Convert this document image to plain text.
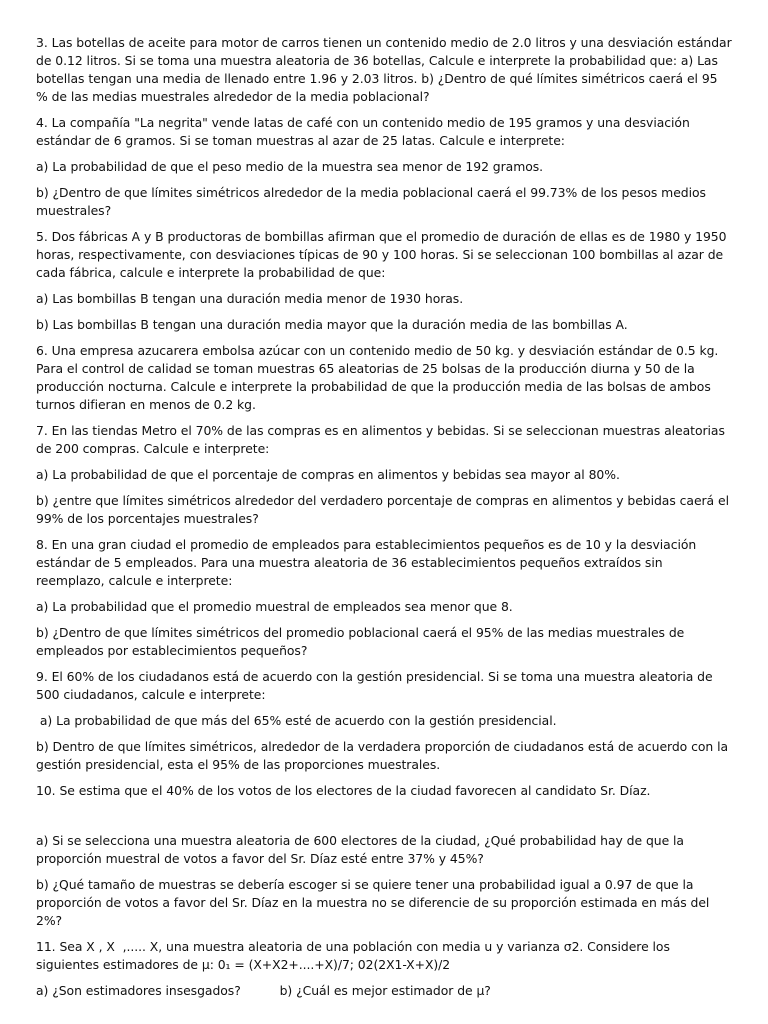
3. Las botellas de aceite para motor de carros tienen un contenido medio de 2.0 litros y una desviación estándar de 0.12 litros. Si se toma una muestra aleatoria de 36 botellas, Calcule e interprete la probabilidad que: a) Las botellas tengan una media de llenado entre 1.96 y 2.03 litros. b) ¿Dentro de qué límites simétricos caerá el 95 % de las medias muestrales alrededor de la media poblacional?

4. La compañía "La negrita" vende latas de café con un contenido medio de 195 gramos y una desviación estándar de 6 gramos. Si se toman muestras al azar de 25 latas. Calcule e interprete:

a) La probabilidad de que el peso medio de la muestra sea menor de 192 gramos.

b) ¿Dentro de que límites simétricos alrededor de la media poblacional caerá el 99.73% de los pesos medios muestrales?

5. Dos fábricas A y B productoras de bombillas afirman que el promedio de duración de ellas es de 1980 y 1950 horas, respectivamente, con desviaciones típicas de 90 y 100 horas. Si se seleccionan 100 bombillas al azar de cada fábrica, calcule e interprete la probabilidad de que:

a) Las bombillas B tengan una duración media menor de 1930 horas.

b) Las bombillas B tengan una duración media mayor que la duración media de las bombillas A.

6. Una empresa azucarera embolsa azúcar con un contenido medio de 50 kg. y desviación estándar de 0.5 kg. Para el control de calidad se toman muestras 65 aleatorias de 25 bolsas de la producción diurna y 50 de la producción nocturna. Calcule e interprete la probabilidad de que la producción media de las bolsas de ambos turnos difieran en menos de 0.2 kg.

7. En las tiendas Metro el 70% de las compras es en alimentos y bebidas. Si se seleccionan muestras aleatorias de 200 compras. Calcule e interprete:

a) La probabilidad de que el porcentaje de compras en alimentos y bebidas sea mayor al 80%.

b) ¿entre que límites simétricos alrededor del verdadero porcentaje de compras en alimentos y bebidas caerá el 99% de los porcentajes muestrales?

8. En una gran ciudad el promedio de empleados para establecimientos pequeños es de 10 y la desviación estándar de 5 empleados. Para una muestra aleatoria de 36 establecimientos pequeños extraídos sin reemplazo, calcule e interprete:

a) La probabilidad que el promedio muestral de empleados sea menor que 8.

b) ¿Dentro de que límites simétricos del promedio poblacional caerá el 95% de las medias muestrales de empleados por establecimientos pequeños?

9. El 60% de los ciudadanos está de acuerdo con la gestión presidencial. Si se toma una muestra aleatoria de 500 ciudadanos, calcule e interprete:

a) La probabilidad de que más del 65% esté de acuerdo con la gestión presidencial.

b) Dentro de que límites simétricos, alrededor de la verdadera proporción de ciudadanos está de acuerdo con la gestión presidencial, esta el 95% de las proporciones muestrales.

10. Se estima que el 40% de los votos de los electores de la ciudad favorecen al candidato Sr. Díaz.

a) Si se selecciona una muestra aleatoria de 600 electores de la ciudad, ¿Qué probabilidad hay de que la proporción muestral de votos a favor del Sr. Díaz esté entre 37% y 45%?

b) ¿Qué tamaño de muestras se debería escoger si se quiere tener una probabilidad igual a 0.97 de que la proporción de votos a favor del Sr. Díaz en la muestra no se diferencie de su proporción estimada en más del 2%?

11. Sea X , X  ,..... X, una muestra aleatoria de una población con media u y varianza σ2. Considere los siguientes estimadores de μ: 0₁ = (X+X2+....+X)/7; 02(2X1-X+X)/2

a) ¿Son estimadores insesgados?          b) ¿Cuál es mejor estimador de μ?
